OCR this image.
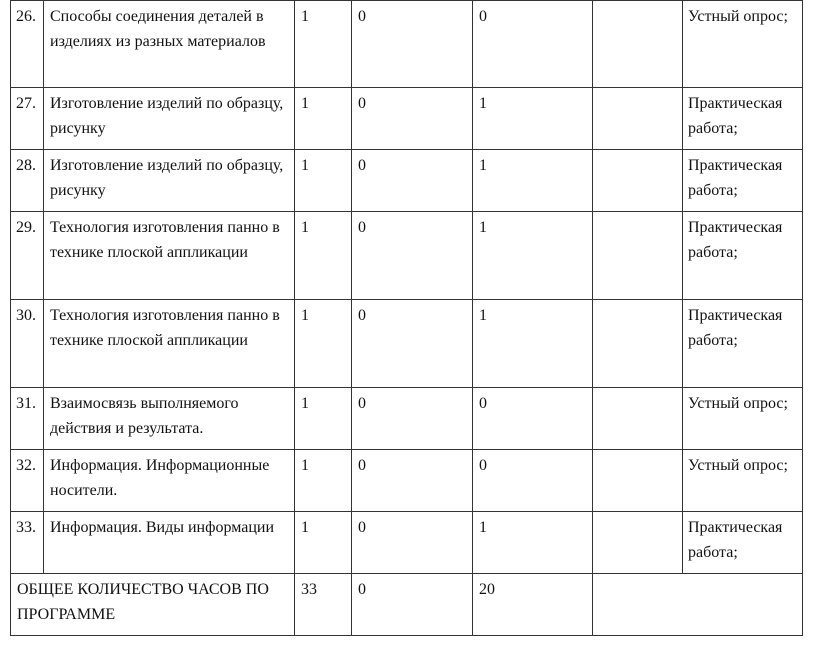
26.	Способы соединения деталей в изделиях из разных материалов	1	0	0		Устный опрос;
27.	Изготовление изделий по образцу, рисунку	1	0	1		Практическая работа;
28.	Изготовление изделий по образцу, рисунку	1	0	1		Практическая работа;
29.	Технология изготовления панно в технике плоской аппликации	1	0	1		Практическая работа;
30.	Технология изготовления панно в технике плоской аппликации	1	0	1		Практическая работа;
31.	Взаимосвязь выполняемого действия и результата.	1	0	0		Устный опрос;
32.	Информация. Информационные носители.	1	0	0		Устный опрос;
33.	Информация. Виды информации	1	0	1		Практическая работа;
ОБЩЕЕ КОЛИЧЕСТВО ЧАСОВ ПО ПРОГРАММЕ		33	0	20		
